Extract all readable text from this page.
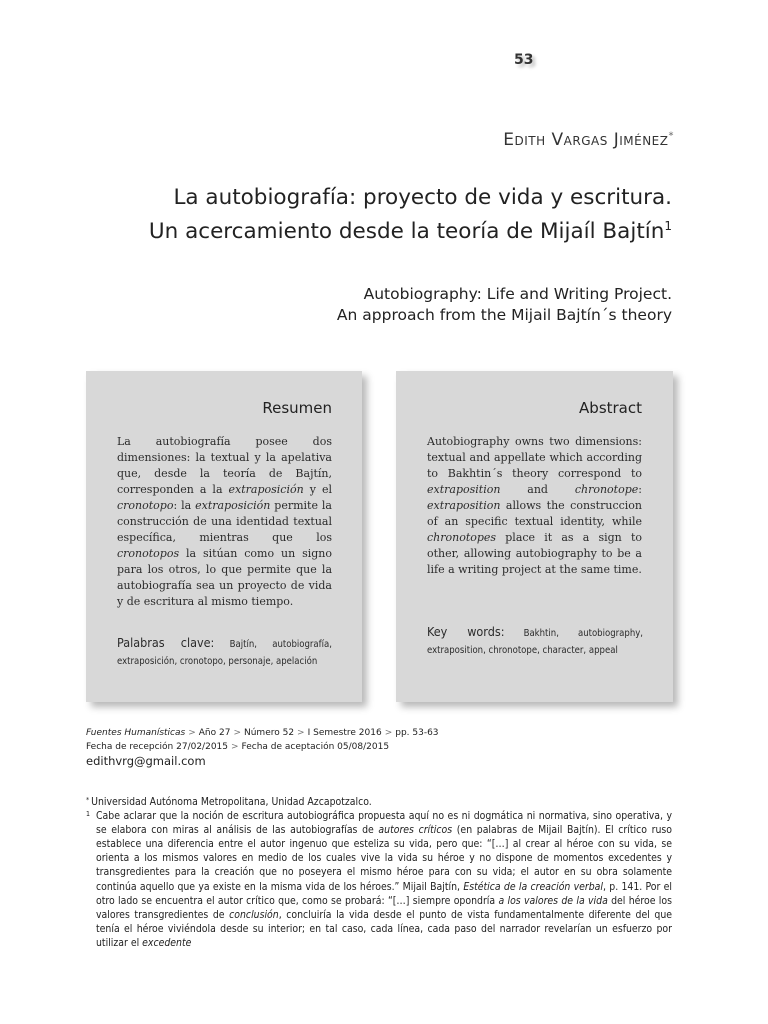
53
Edith Vargas Jiménez*
La autobiografía: proyecto de vida y escritura.
Un acercamiento desde la teoría de Mijaíl Bajtín$^1$
Autobiography: Life and Writing Project.
An approach from the Mijail Bajtín´s theory
Resumen

La autobiografía posee dos dimensiones: la textual y la apelativa que, desde la teoría de Bajtín, corresponden a la extraposición y el cronotopo: la extraposición permite la construcción de una identidad textual específica, mientras que los cronotopos la sitúan como un signo para los otros, lo que permite que la autobiografía sea un proyecto de vida y de escritura al mismo tiempo.

Palabras clave: Bajtín, autobiografía, extraposición, cronotopo, personaje, apelación
Abstract

Autobiography owns two dimensions: textual and appellate which according to Bakhtin´s theory correspond to extraposition and chronotope: extraposition allows the construccion of an specific textual identity, while chronotopes place it as a sign to other, allowing autobiography to be a life a writing project at the same time.

Key words: Bakhtin, autobiography, extraposition, chronotope, character, appeal
Fuentes Humanísticas > Año 27 > Número 52 > I Semestre 2016 > pp. 53-63
Fecha de recepción 27/02/2015 > Fecha de aceptación 05/08/2015
edithvrg@gmail.com

* Universidad Autónoma Metropolitana, Unidad Azcapotzalco.

1 Cabe aclarar que la noción de escritura autobiográfica propuesta aquí no es ni dogmática ni normativa, sino operativa, y se elabora con miras al análisis de las autobiografías de autores críticos (en palabras de Mijail Bajtín). El crítico ruso establece una diferencia entre el autor ingenuo que esteliza su vida, pero que: “[…] al crear al héroe con su vida, se orienta a los mismos valores en medio de los cuales vive la vida su héroe y no dispone de momentos excedentes y transgredientes para la creación que no poseyera el mismo héroe para con su vida; el autor en su obra solamente continúa aquello que ya existe en la misma vida de los héroes.” Mijail Bajtín, Estética de la creación verbal, p. 141. Por el otro lado se encuentra el autor crítico que, como se probará: “[…] siempre opondría a los valores de la vida del héroe los valores transgredientes de conclusión, concluiría la vida desde el punto de vista fundamentalmente diferente del que tenía el héroe viviéndola desde su interior; en tal caso, cada línea, cada paso del narrador revelarían un esfuerzo por utilizar el excedente
